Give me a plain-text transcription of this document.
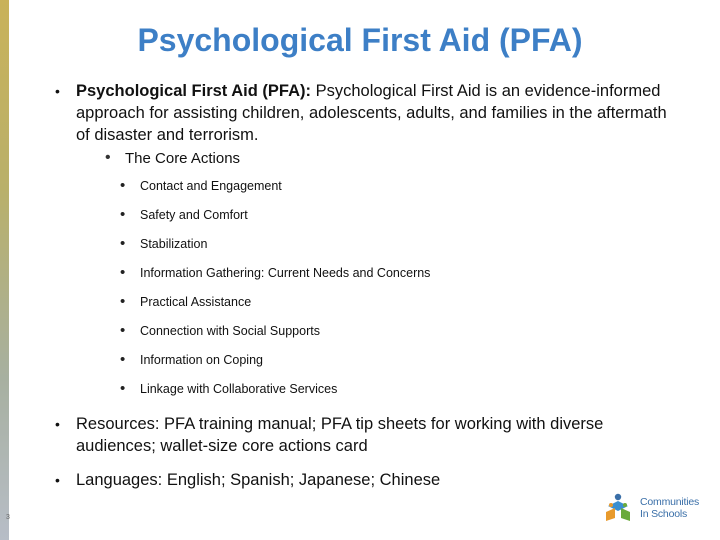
Psychological First Aid (PFA)
• Psychological First Aid (PFA): Psychological First Aid is an evidence-informed approach for assisting children, adolescents, adults, and families in the aftermath of disaster and terrorism.
• The Core Actions
• Contact and Engagement
• Safety and Comfort
• Stabilization
• Information Gathering: Current Needs and Concerns
• Practical Assistance
• Connection with Social Supports
• Information on Coping
• Linkage with Collaborative Services
• Resources: PFA training manual; PFA tip sheets for working with diverse audiences; wallet-size core actions card
• Languages: English; Spanish; Japanese; Chinese
3
Communities
In Schools
